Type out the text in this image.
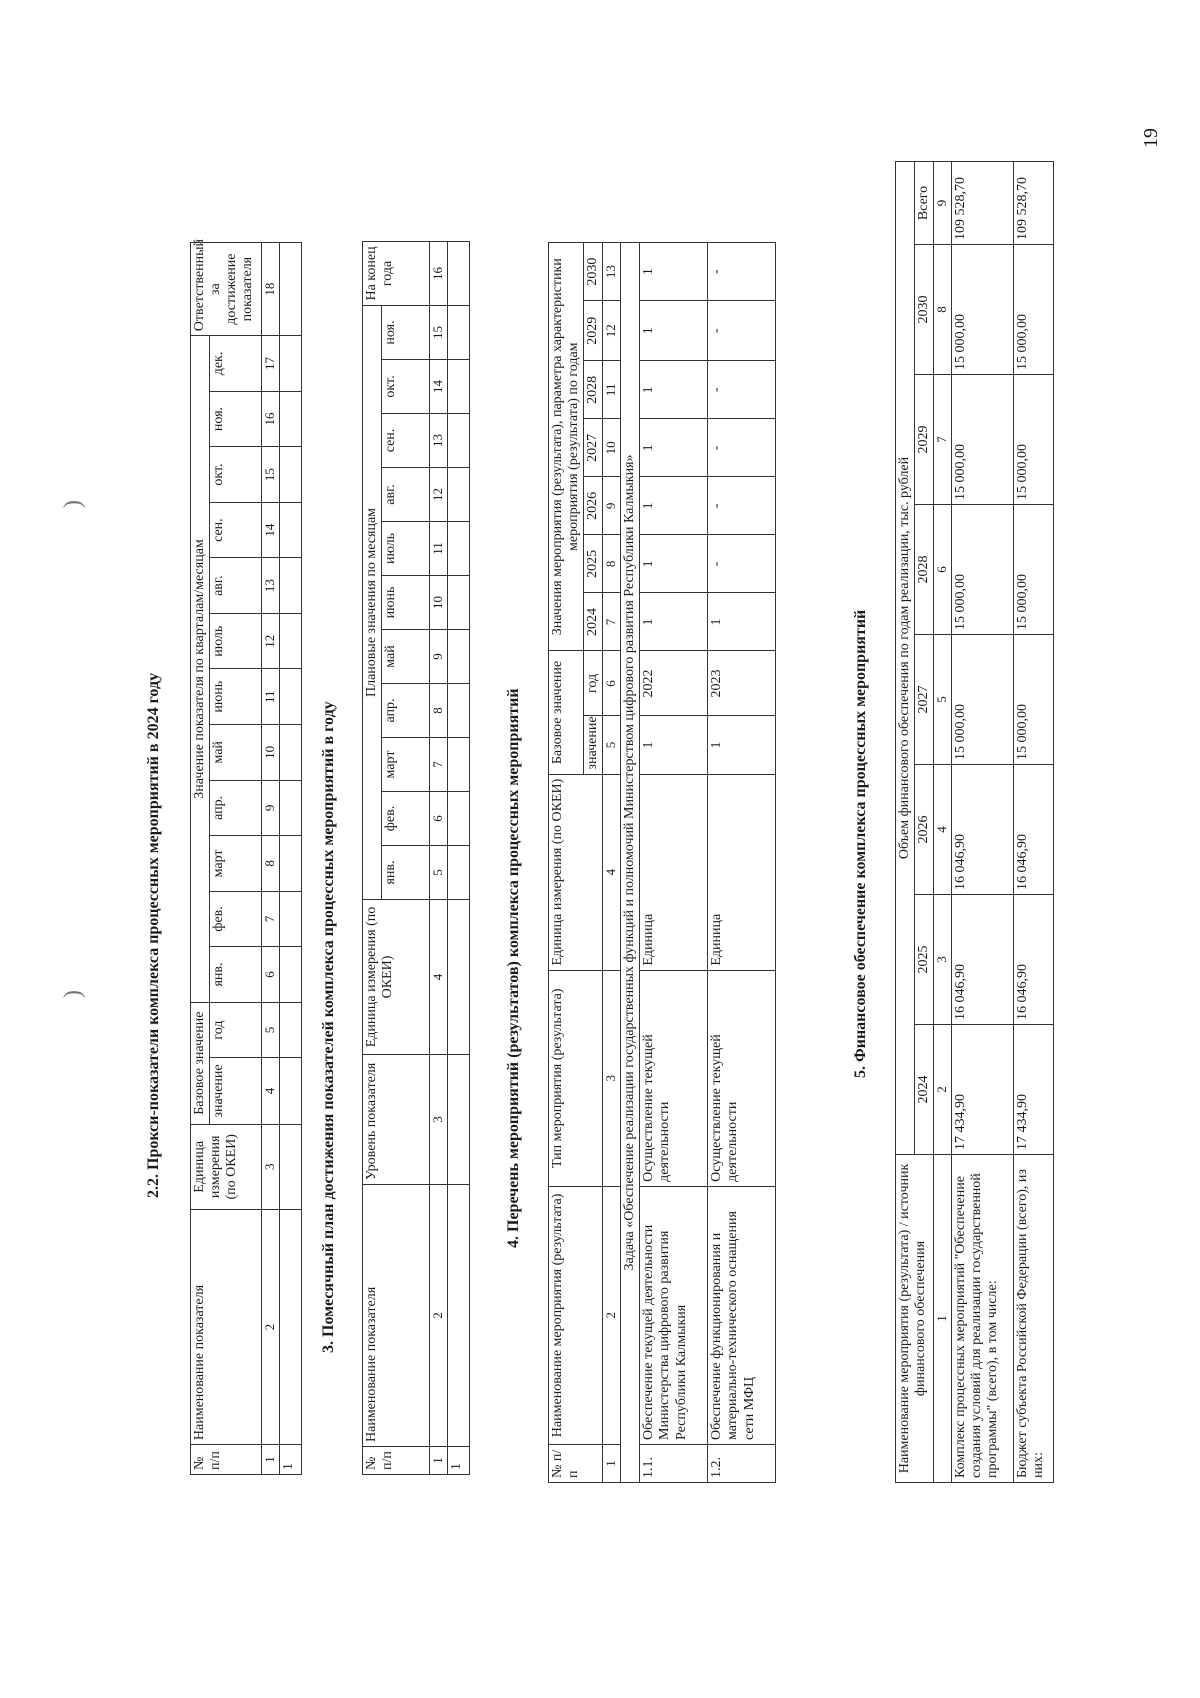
)
)	2.2. Прокси-показатели комплекса процессных мероприятий в 2024 году
№ п/п	Наименование показателя	Единица измерения (по ОКЕИ)	Базовое значение		Значение показателя по кварталам/месяцам												Ответственный за достижение показателя
			значение	год	янв.	фев.	март	апр.	май	июнь	июль	авг.	сен.	окт.	ноя.	дек.	
1	2	3	4	5	6	7	8	9	10	11	12	13	14	15	16	17	18
1																	
3. Помесячный план достижения показателей комплекса процессных мероприятий в году
№ п/п	Наименование показателя	Уровень показателя	Единица измерения (по ОКЕИ)	Плановые значения по месяцам											На конец года
				янв.	фев.	март	апр.	май	июнь	июль	авг.	сен.	окт.	ноя.	
1	2	3	4	5	6	7	8	9	10	11	12	13	14	15	16
1															
4. Перечень мероприятий (результатов) комплекса процессных мероприятий
№ п/п	Наименование мероприятия (результата)	Тип мероприятия (результата)	Единица измерения (по ОКЕИ)	Базовое значение		Значения мероприятия (результата), параметра характеристики мероприятия (результата) по годам						
				значение	год	2024	2025	2026	2027	2028	2029	2030
1	2	3	4	5	6	7	8	9	10	11	12	13
Задача «Обеспечение реализации государственных функций и полномочий Министерством цифрового развития Республики Калмыкия»												
1.1.	Обеспечение текущей деятельности Министерства цифрового развития Республики Калмыкия	Осуществление текущей деятельности	Единица	1	2022	1	1	1	1	1	1	1
1.2.	Обеспечение функционирования и материально-технического оснащения сети МФЦ	Осуществление текущей деятельности	Единица	1	2023	1	-	-	-	-	-	-
5. Финансовое обеспечение комплекса процессных мероприятий
Наименование мероприятия (результата) / источник финансового обеспечения	Объем финансового обеспечения по годам реализации, тыс. рублей							
	2024	2025	2026	2027	2028	2029	2030	Всего
1	2	3	4	5	6	7	8	9
Комплекс процессных мероприятий "Обеспечение создания условий для реализации государственной программы" (всего), в том числе:	17 434,90	16 046,90	16 046,90	15 000,00	15 000,00	15 000,00	15 000,00	109 528,70
Бюджет субъекта Российской Федерации (всего), из них:	17 434,90	16 046,90	16 046,90	15 000,00	15 000,00	15 000,00	15 000,00	109 528,70
19
